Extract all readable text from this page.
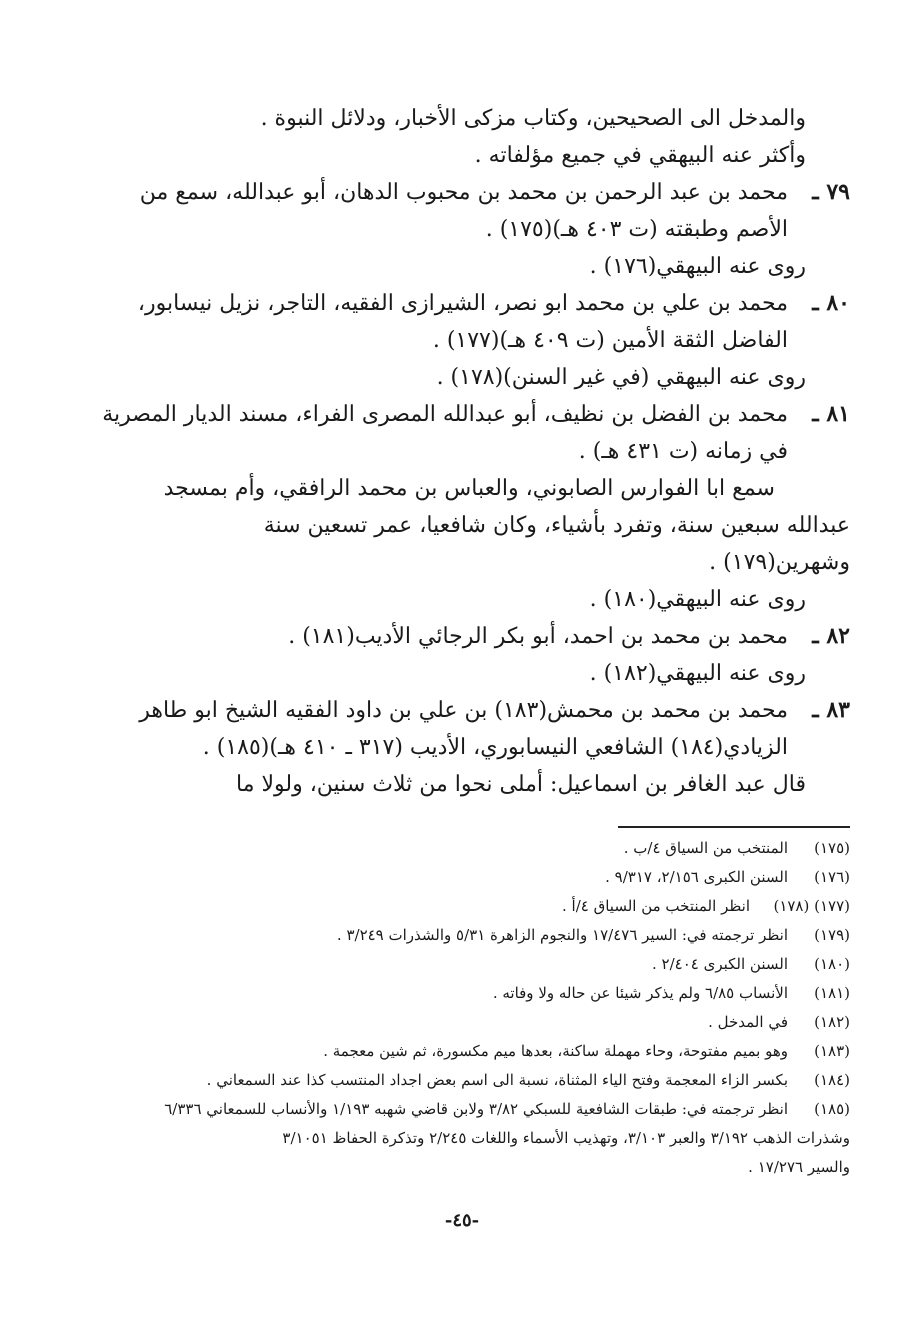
والمدخل الى الصحيحين، وكتاب مزكى الأخبار، ودلائل النبوة .
وأكثر عنه البيهقي في جميع مؤلفاته .
٧٩ ـ
محمد بن عبد الرحمن بن محمد بن محبوب الدهان، أبو عبدالله، سمع من
الأصم وطبقته (ت ٤٠٣ هـ)(١٧٥) .
روى عنه البيهقي(١٧٦) .
٨٠ ـ
محمد بن علي بن محمد ابو نصر، الشيرازى الفقيه، التاجر، نزيل نيسابور،
الفاضل الثقة الأمين (ت ٤٠٩ هـ)(١٧٧) .
روى عنه البيهقي (في غير السنن)(١٧٨) .
٨١ ـ
محمد بن الفضل بن نظيف، أبو عبدالله المصرى الفراء، مسند الديار المصرية
في زمانه (ت ٤٣١ هـ) .
سمع ابا الفوارس الصابوني، والعباس بن محمد الرافقي، وأم بمسجد
عبدالله سبعين سنة، وتفرد بأشياء، وكان شافعيا، عمر تسعين سنة
وشهرين(١٧٩) .
روى عنه البيهقي(١٨٠) .
٨٢ ـ
محمد بن محمد بن احمد، أبو بكر الرجائي الأديب(١٨١) .
روى عنه البيهقي(١٨٢) .
٨٣ ـ
محمد بن محمد بن محمش(١٨٣) بن علي بن داود الفقيه الشيخ ابو طاهر
الزيادي(١٨٤) الشافعي النيسابوري، الأديب (٣١٧ ـ ٤١٠ هـ)(١٨٥) .
قال عبد الغافر بن اسماعيل: أملى نحوا من ثلاث سنين، ولولا ما
(١٧٥)
المنتخب من السياق ٤/ب .
(١٧٦)
السنن الكبرى ٢/١٥٦، ٩/٣١٧ .
(١٧٧) (١٧٨)
انظر المنتخب من السياق ٤/أ .
(١٧٩)
انظر ترجمته في: السير ١٧/٤٧٦ والنجوم الزاهرة ٥/٣١ والشذرات ٣/٢٤٩ .
(١٨٠)
السنن الكبرى ٢/٤٠٤ .
(١٨١)
الأنساب ٦/٨٥ ولم يذكر شيئا عن حاله ولا وفاته .
(١٨٢)
في المدخل .
(١٨٣)
وهو بميم مفتوحة، وحاء مهملة ساكنة، بعدها ميم مكسورة، ثم شين معجمة .
(١٨٤)
بكسر الزاء المعجمة وفتح الياء المثناة، نسبة الى اسم بعض اجداد المنتسب كذا عند السمعاني .
(١٨٥)
انظر ترجمته في: طبقات الشافعية للسبكي ٣/٨٢ ولابن قاضي شهبه ١/١٩٣ والأنساب للسمعاني ٦/٣٣٦
وشذرات الذهب ٣/١٩٢ والعبر ٣/١٠٣، وتهذيب الأسماء واللغات ٢/٢٤٥ وتذكرة الحفاظ ٣/١٠٥١
والسير ١٧/٢٧٦ .
-٤٥-
